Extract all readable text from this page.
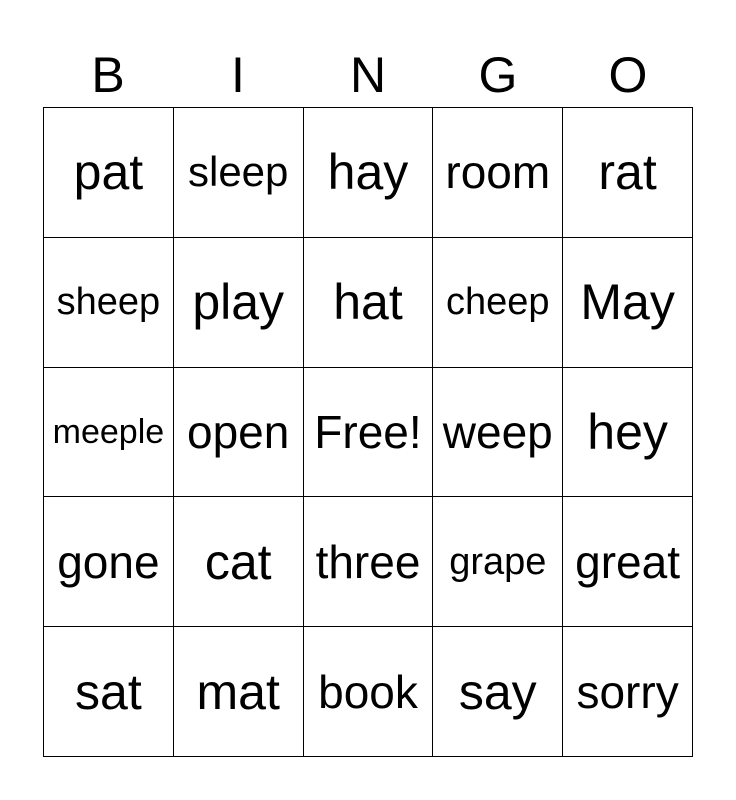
B	I	N	G	O
pat	sleep hay room rat
sheep play hat	cheep May
meeple open Free! weep hey
gone cat three grape great
sat	mat book say sorry
